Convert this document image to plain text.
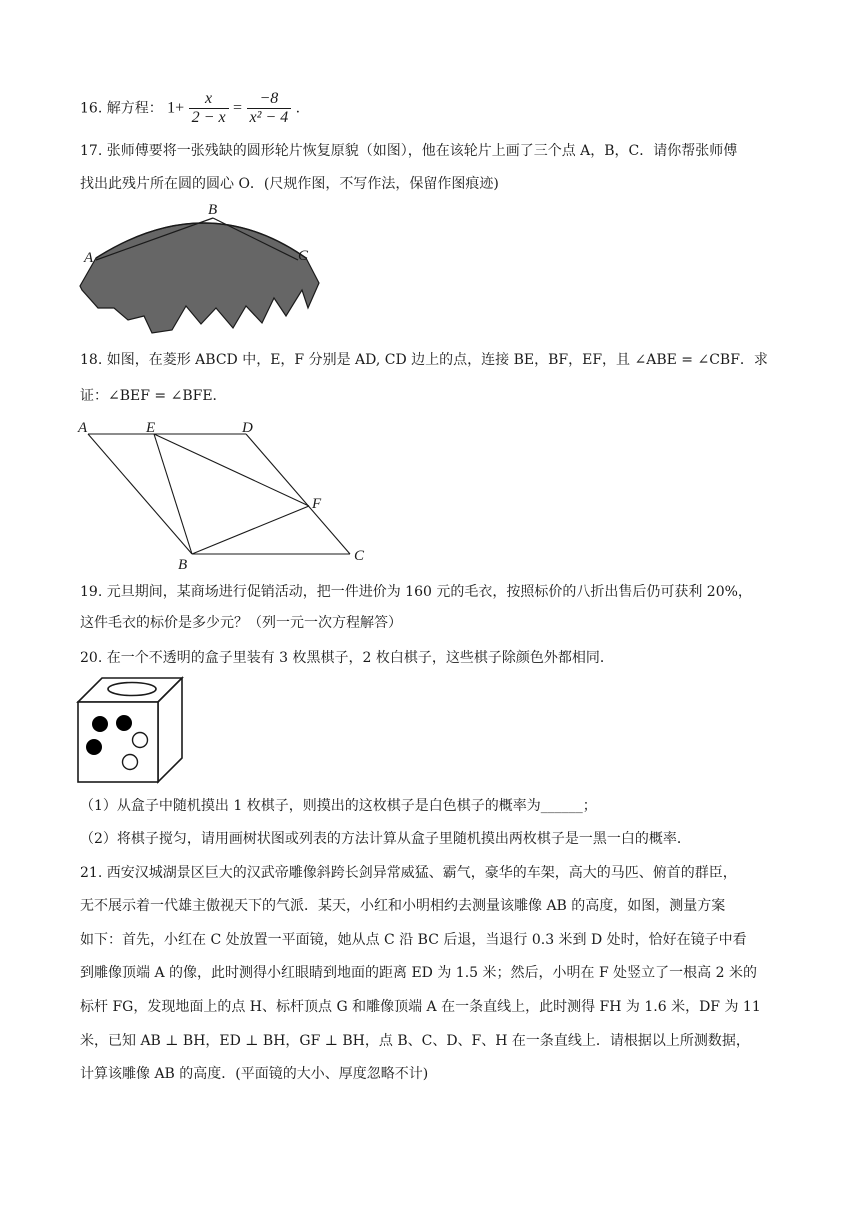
16. 解方程： $1+ \frac{x}{2 - x} = \frac{-8}{\text{x² − 4}}$ .
17. 张师傅要将一张残缺的圆形轮片恢复原貌（如图），他在该轮片上画了三个点 A，B，C．请你帮张师傅
找出此残片所在圆的圆心 O．(尺规作图，不写作法，保留作图痕迹)
A
B
C
18. 如图，在菱形 ABCD 中，E，F 分别是 AD, CD 边上的点，连接 BE，BF，EF，且 ∠ABE = ∠CBF．求
证：∠BEF = ∠BFE．
A	E	D
F
B
C
19. 元旦期间，某商场进行促销活动，把一件进价为 160 元的毛衣，按照标价的八折出售后仍可获利 20%，
这件毛衣的标价是多少元？（列一元一次方程解答）
20. 在一个不透明的盒子里装有 3 枚黑棋子，2 枚白棋子，这些棋子除颜色外都相同．
（1）从盒子中随机摸出 1 枚棋子，则摸出的这枚棋子是白色棋子的概率为______；
（2）将棋子搅匀，请用画树状图或列表的方法计算从盒子里随机摸出两枚棋子是一黑一白的概率．
21. 西安汉城湖景区巨大的汉武帝雕像斜跨长剑异常威猛、霸气，豪华的车架，高大的马匹、俯首的群臣，
无不展示着一代雄主傲视天下的气派．某天，小红和小明相约去测量该雕像 AB 的高度，如图，测量方案
如下：首先，小红在 C 处放置一平面镜，她从点 C 沿 BC 后退，当退行 0.3 米到 D 处时，恰好在镜子中看
到雕像顶端 A 的像，此时测得小红眼睛到地面的距离 ED 为 1.5 米；然后，小明在 F 处竖立了一根高 2 米的
标杆 FG，发现地面上的点 H、标杆顶点 G 和雕像顶端 A 在一条直线上，此时测得 FH 为 1.6 米，DF 为 11
米，已知 AB ⊥ BH，ED ⊥ BH，GF ⊥ BH，点 B、C、D、F、H 在一条直线上．请根据以上所测数据，
计算该雕像 AB 的高度．(平面镜的大小、厚度忽略不计)
